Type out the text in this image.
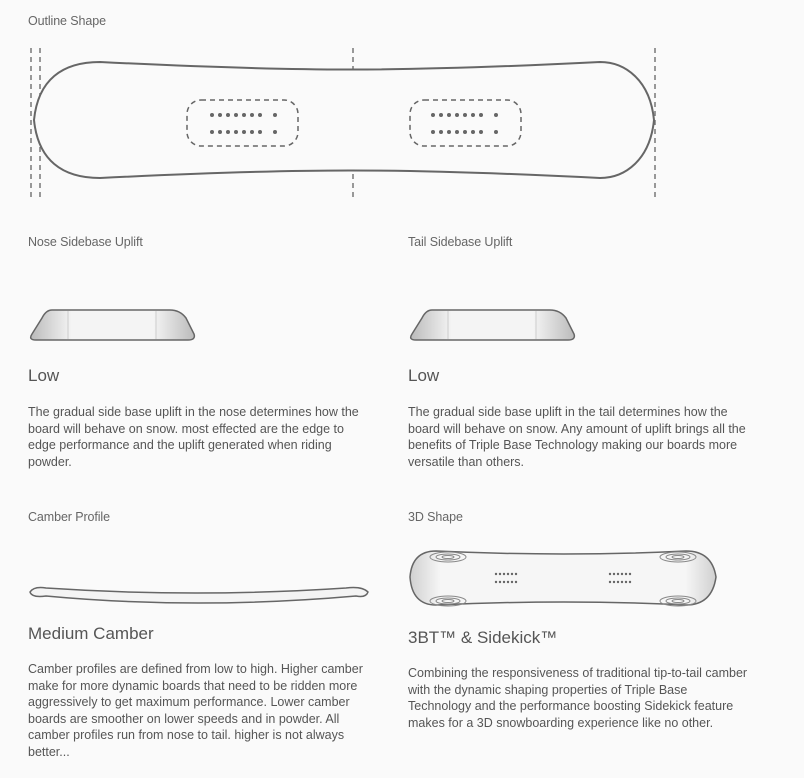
Outline Shape
Nose Sidebase Uplift
Low
The gradual side base uplift in the nose determines how the board will behave on snow. most effected are the edge to edge performance and the uplift generated when riding powder.
Tail Sidebase Uplift
Low
The gradual side base uplift in the tail determines how the board will behave on snow. Any amount of uplift brings all the benefits of Triple Base Technology making our boards more versatile than others.
Camber Profile
Medium Camber
Camber profiles are defined from low to high. Higher camber make for more dynamic boards that need to be ridden more aggressively to get maximum performance. Lower camber boards are smoother on lower speeds and in powder. All camber profiles run from nose to tail. higher is not always better...
3D Shape
3BT™ & Sidekick™
Combining the responsiveness of traditional tip-to-tail camber with the dynamic shaping properties of Triple Base Technology and the performance boosting Sidekick feature makes for a 3D snowboarding experience like no other.
